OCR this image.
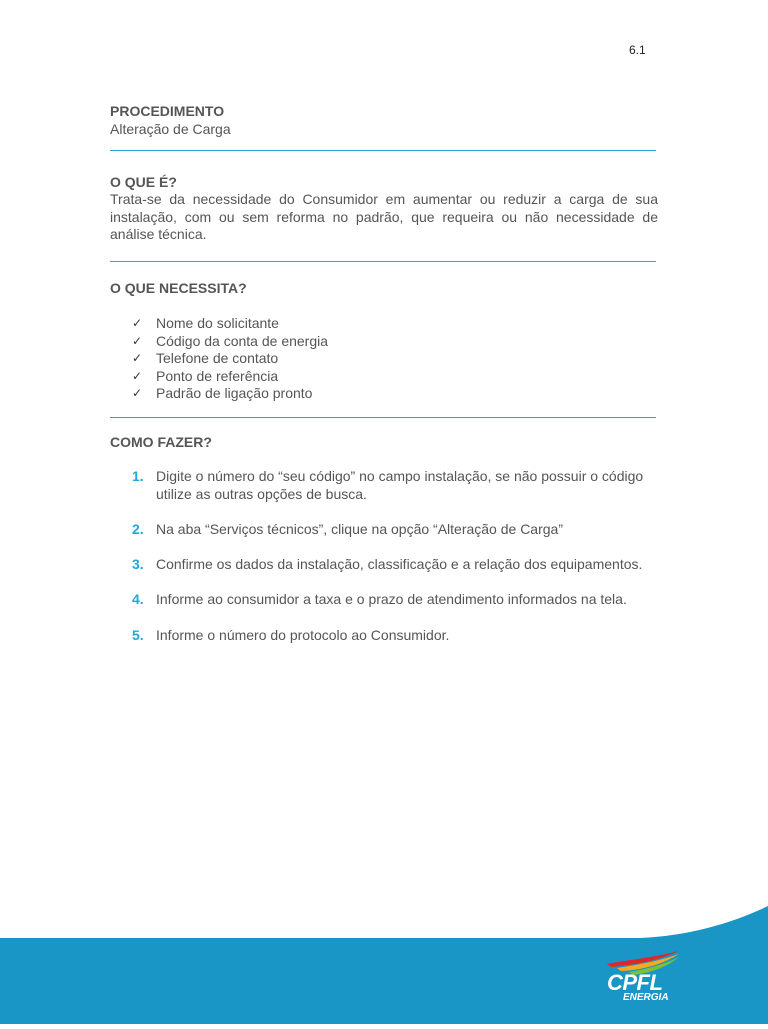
6.1
PROCEDIMENTO
Alteração de Carga

O QUE É?

Trata-se da necessidade do Consumidor em aumentar ou reduzir a carga de sua instalação, com ou sem reforma no padrão, que requeira ou não necessidade de análise técnica.

O QUE NECESSITA?

✓ Nome do solicitante
✓ Código da conta de energia
✓ Telefone de contato
✓ Ponto de referência
✓ Padrão de ligação pronto

COMO FAZER?

1. Digite o número do “seu código” no campo instalação, se não possuir o código utilize as outras opções de busca.
2. Na aba “Serviços técnicos”, clique na opção “Alteração de Carga”
3. Confirme os dados da instalação, classificação e a relação dos equipamentos.
4. Informe ao consumidor a taxa e o prazo de atendimento informados na tela.
5. Informe o número do protocolo ao Consumidor.
CPFL
ENERGIA
